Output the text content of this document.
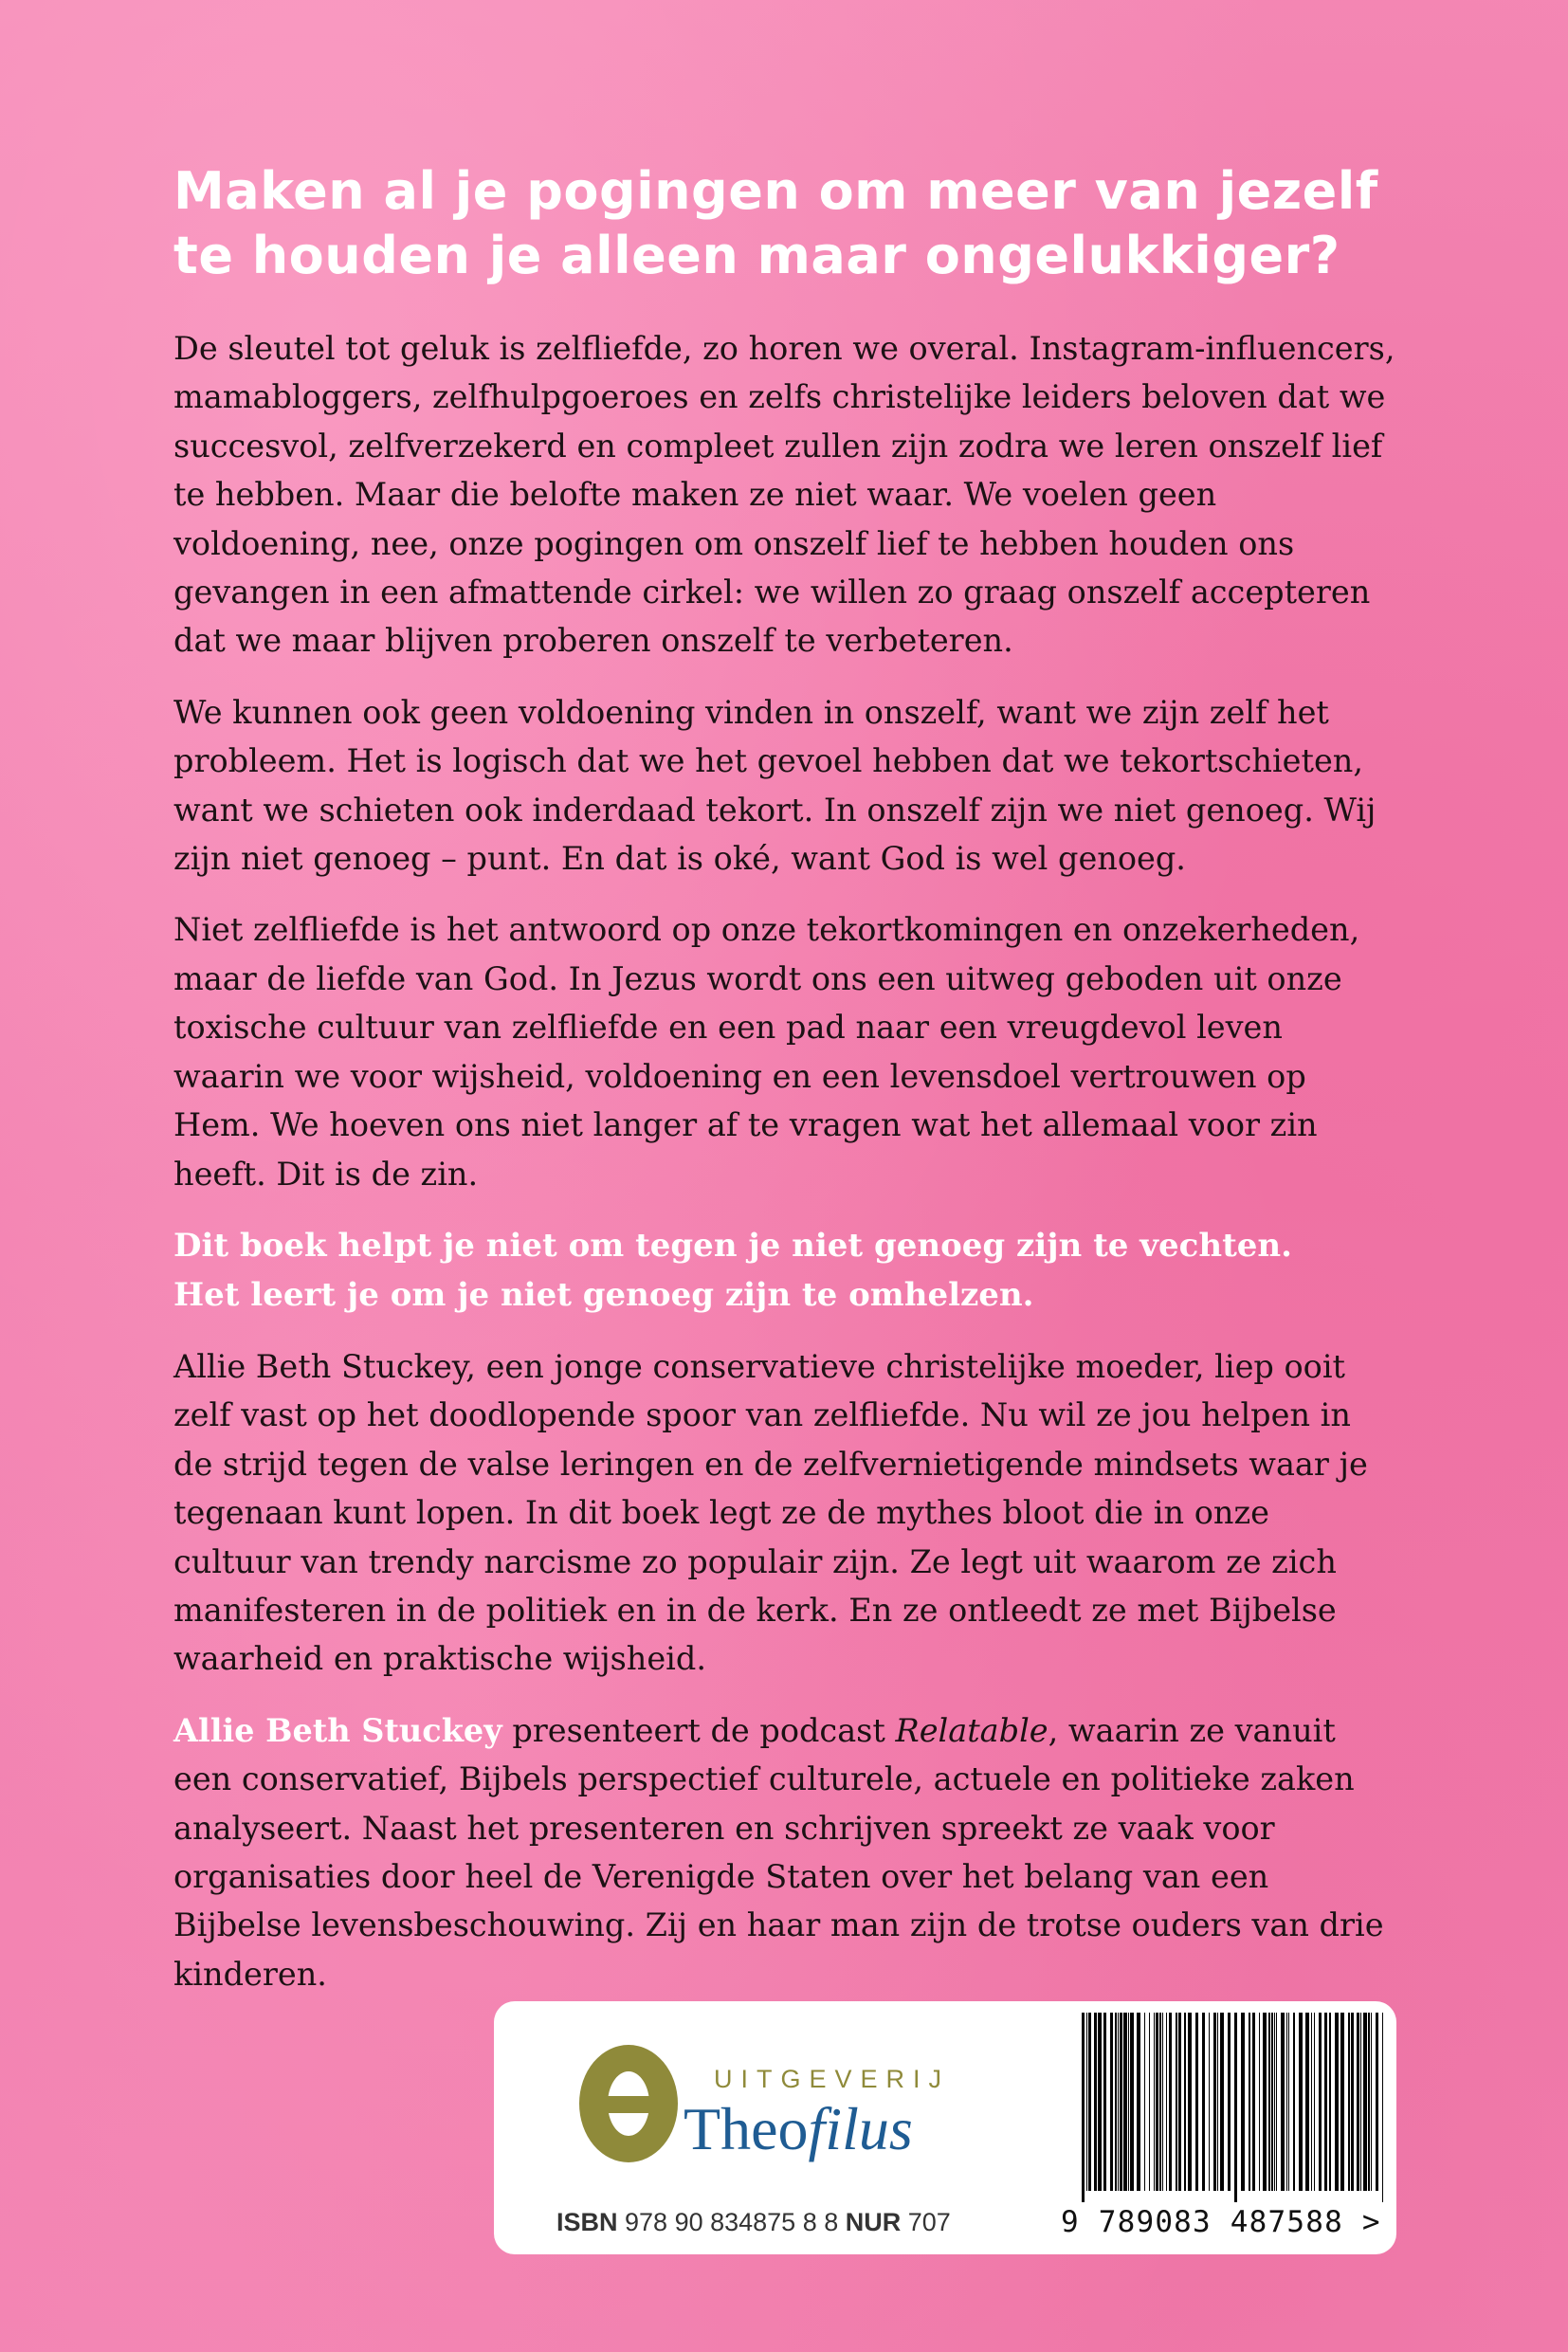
Maken al je pogingen om meer van jezelf
te houden je alleen maar ongelukkiger?

De sleutel tot geluk is zelfliefde, zo horen we overal. Instagram-influencers, mamabloggers, zelfhulpgoeroes en zelfs christelijke leiders beloven dat we succesvol, zelfverzekerd en compleet zullen zijn zodra we leren onszelf lief te hebben. Maar die belofte maken ze niet waar. We voelen geen voldoening, nee, onze pogingen om onszelf lief te hebben houden ons gevangen in een afmattende cirkel: we willen zo graag onszelf accepteren dat we maar blijven proberen onszelf te verbeteren.

We kunnen ook geen voldoening vinden in onszelf, want we zijn zelf het probleem. Het is logisch dat we het gevoel hebben dat we tekortschieten, want we schieten ook inderdaad tekort. In onszelf zijn we niet genoeg. Wij zijn niet genoeg – punt. En dat is oké, want God is wel genoeg.

Niet zelfliefde is het antwoord op onze tekortkomingen en onzekerheden, maar de liefde van God. In Jezus wordt ons een uitweg geboden uit onze toxische cultuur van zelfliefde en een pad naar een vreugdevol leven waarin we voor wijsheid, voldoening en een levensdoel vertrouwen op Hem. We hoeven ons niet langer af te vragen wat het allemaal voor zin heeft. Dit is de zin.

Dit boek helpt je niet om tegen je niet genoeg zijn te vechten.
Het leert je om je niet genoeg zijn te omhelzen.

Allie Beth Stuckey, een jonge conservatieve christelijke moeder, liep ooit zelf vast op het doodlopende spoor van zelfliefde. Nu wil ze jou helpen in de strijd tegen de valse leringen en de zelfvernietigende mindsets waar je tegenaan kunt lopen. In dit boek legt ze de mythes bloot die in onze cultuur van trendy narcisme zo populair zijn. Ze legt uit waarom ze zich manifesteren in de politiek en in de kerk. En ze ontleedt ze met Bijbelse waarheid en praktische wijsheid.

Allie Beth Stuckey presenteert de podcast Relatable, waarin ze vanuit een conservatief, Bijbels perspectief culturele, actuele en politieke zaken analyseert. Naast het presenteren en schrijven spreekt ze vaak voor organisaties door heel de Verenigde Staten over het belang van een Bijbelse levensbeschouwing. Zij en haar man zijn de trotse ouders van drie kinderen.

UITGEVERIJ
Theofilus
ISBN 978 90 834875 8 8 NUR 707	9 789083 487588 >
